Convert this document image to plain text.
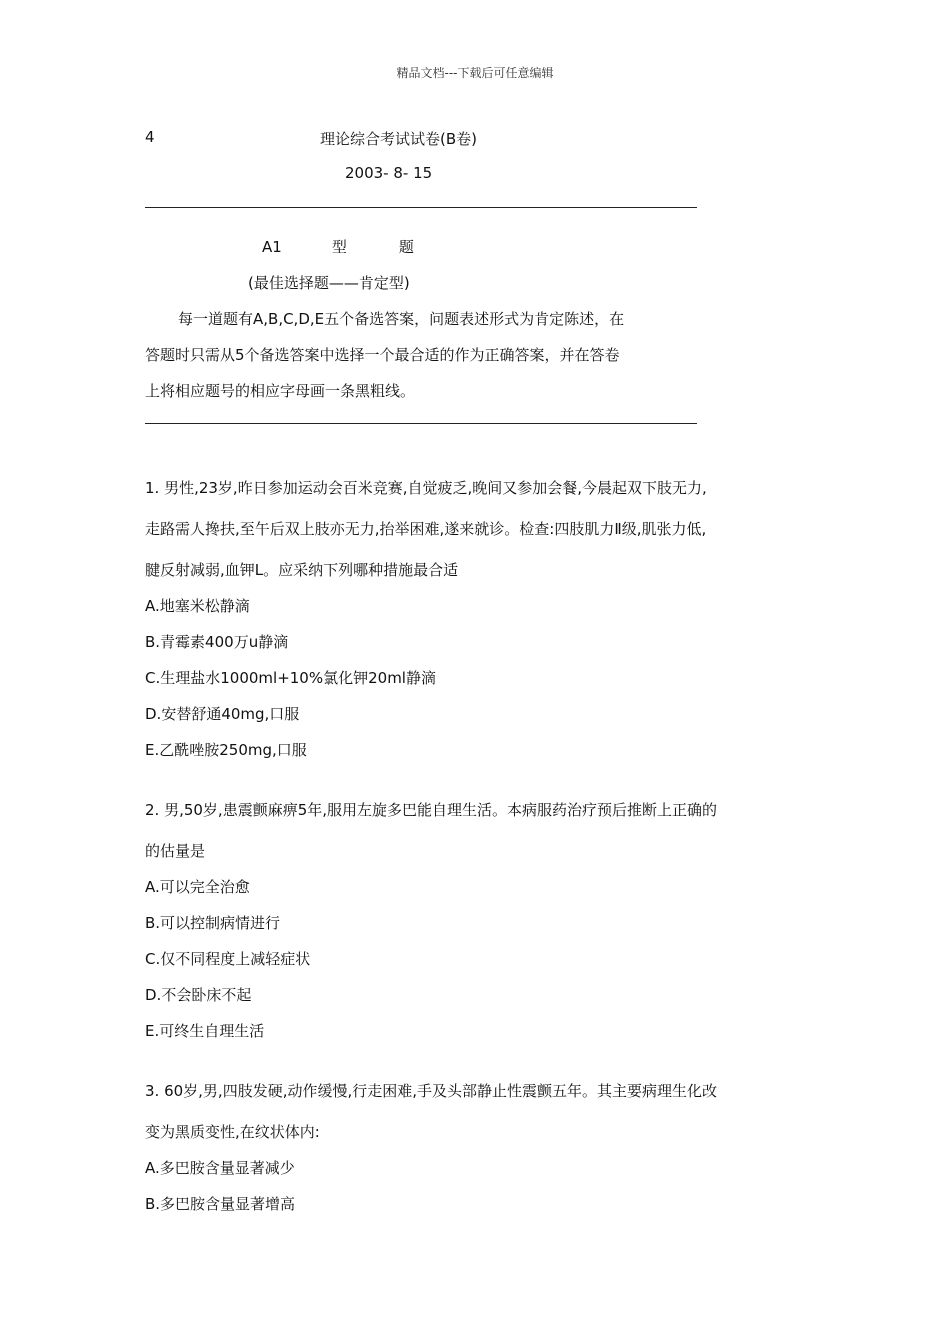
精品文档---下载后可任意编辑
4	理论综合考试试卷(B卷)
2003- 8- 15
A1	型	题
(最佳选择题——肯定型)
每一道题有A,B,C,D,E五个备选答案，问题表述形式为肯定陈述，在
答题时只需从5个备选答案中选择一个最合适的作为正确答案，并在答卷
上将相应题号的相应字母画一条黑粗线。
1. 男性,23岁,昨日参加运动会百米竞赛,自觉疲乏,晚间又参加会餐,今晨起双下肢无力,
走路需人搀扶,至午后双上肢亦无力,抬举困难,遂来就诊。检查:四肢肌力Ⅱ级,肌张力低,
腱反射减弱,血钾L。应采纳下列哪种措施最合适
A.地塞米松静滴
B.青霉素400万u静滴
C.生理盐水1000ml+10%氯化钾20ml静滴
D.安替舒通40mg,口服
E.乙酰唑胺250mg,口服
2. 男,50岁,患震颤麻痹5年,服用左旋多巴能自理生活。本病服药治疗预后推断上正确的
的估量是
A.可以完全治愈
B.可以控制病情进行
C.仅不同程度上减轻症状
D.不会卧床不起
E.可终生自理生活
3. 60岁,男,四肢发硬,动作缓慢,行走困难,手及头部静止性震颤五年。其主要病理生化改
变为黑质变性,在纹状体内:
A.多巴胺含量显著减少
B.多巴胺含量显著增高
